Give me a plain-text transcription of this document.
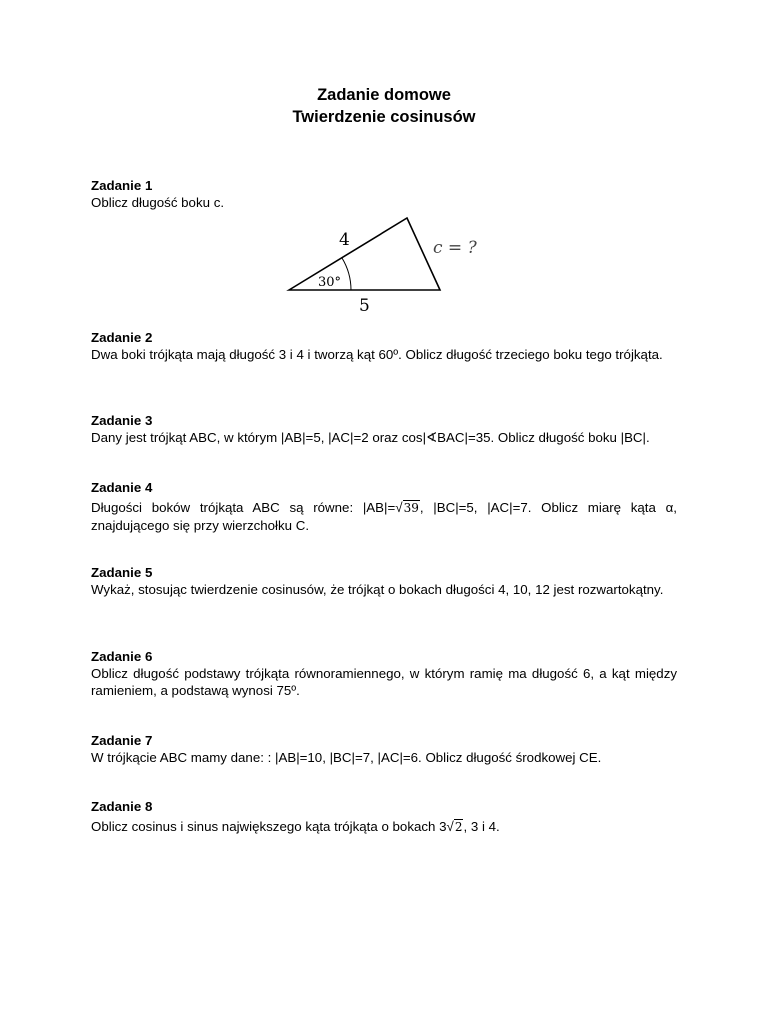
Zadanie domowe
Twierdzenie cosinusów

Zadanie 1

Oblicz długość boku c.

4
5
30°
c = ?

Zadanie 2

Dwa boki trójkąta mają długość 3 i 4 i tworzą kąt 60º. Oblicz długość trzeciego boku tego trójkąta.

Zadanie 3

Dany jest trójkąt ABC, w którym |AB|=5, |AC|=2 oraz cos|∢BAC|=35. Oblicz długość boku |BC|.

Zadanie 4

Długości boków trójkąta ABC są równe: |AB|=√39, |BC|=5, |AC|=7. Oblicz miarę kąta α, znajdującego się przy wierzchołku C.

Zadanie 5

Wykaż, stosując twierdzenie cosinusów, że trójkąt o bokach długości 4, 10, 12 jest rozwartokątny.

Zadanie 6

Oblicz długość podstawy trójkąta równoramiennego, w którym ramię ma długość 6, a kąt między ramieniem, a podstawą wynosi 75º.

Zadanie 7

W trójkącie ABC mamy dane: : |AB|=10, |BC|=7, |AC|=6. Oblicz długość środkowej CE.

Zadanie 8

Oblicz cosinus i sinus największego kąta trójkąta o bokach 3√2, 3 i 4.
